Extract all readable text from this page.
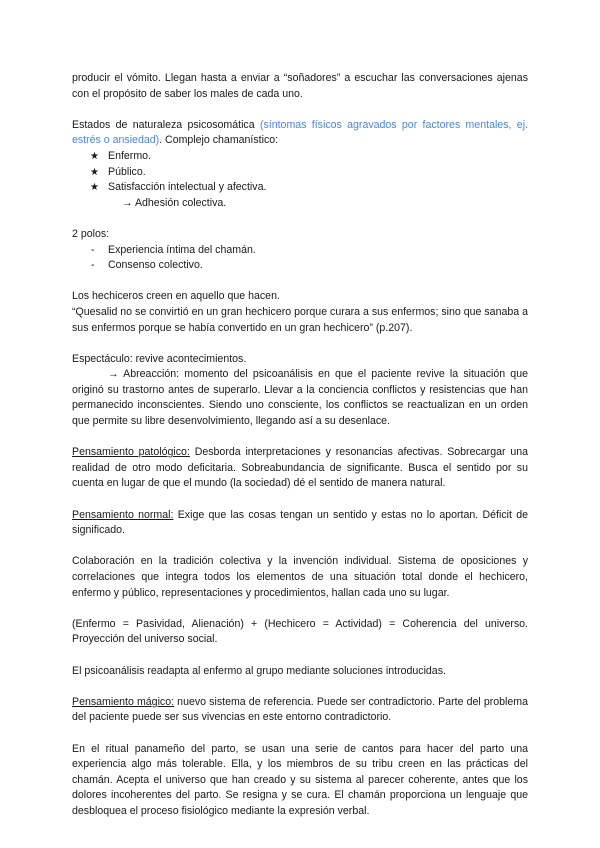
producir el vómito. Llegan hasta a enviar a “soñadores” a escuchar las conversaciones ajenas con el propósito de saber los males de cada uno.

Estados de naturaleza psicosomática (síntomas físicos agravados por factores mentales, ej. estrés o ansiedad). Complejo chamanístico:

★ Enfermo.
★ Público.
★ Satisfacción intelectual y afectiva.

→ Adhesión colectiva.

2 polos:

- Experiencia íntima del chamán.
- Consenso colectivo.

Los hechiceros creen en aquello que hacen.

“Quesalid no se convirtió en un gran hechicero porque curara a sus enfermos; sino que sanaba a sus enfermos porque se había convertido en un gran hechicero” (p.207).

Espectáculo: revive acontecimientos.

→ Abreacción: momento del psicoanálisis en que el paciente revive la situación que originó su trastorno antes de superarlo. Llevar a la conciencia conflictos y resistencias que han permanecido inconscientes. Siendo uno consciente, los conflictos se reactualizan en un orden que permite su libre desenvolvimiento, llegando así a su desenlace.

Pensamiento patológico: Desborda interpretaciones y resonancias afectivas. Sobrecargar una realidad de otro modo deficitaria. Sobreabundancia de significante. Busca el sentido por su cuenta en lugar de que el mundo (la sociedad) dé el sentido de manera natural.

Pensamiento normal: Exige que las cosas tengan un sentido y estas no lo aportan. Déficit de significado.

Colaboración en la tradición colectiva y la invención individual. Sistema de oposiciones y correlaciones que integra todos los elementos de una situación total donde el hechicero, enfermo y público, representaciones y procedimientos, hallan cada uno su lugar.

(Enfermo = Pasividad, Alienación) + (Hechicero = Actividad) = Coherencia del universo. Proyección del universo social.

El psicoanálisis readapta al enfermo al grupo mediante soluciones introducidas.

Pensamiento mágico: nuevo sistema de referencia. Puede ser contradictorio. Parte del problema del paciente puede ser sus vivencias en este entorno contradictorio.

En el ritual panameño del parto, se usan una serie de cantos para hacer del parto una experiencia algo más tolerable. Ella, y los miembros de su tribu creen en las prácticas del chamán. Acepta el universo que han creado y su sistema al parecer coherente, antes que los dolores incoherentes del parto. Se resigna y se cura. El chamán proporciona un lenguaje que desbloquea el proceso fisiológico mediante la expresión verbal.
